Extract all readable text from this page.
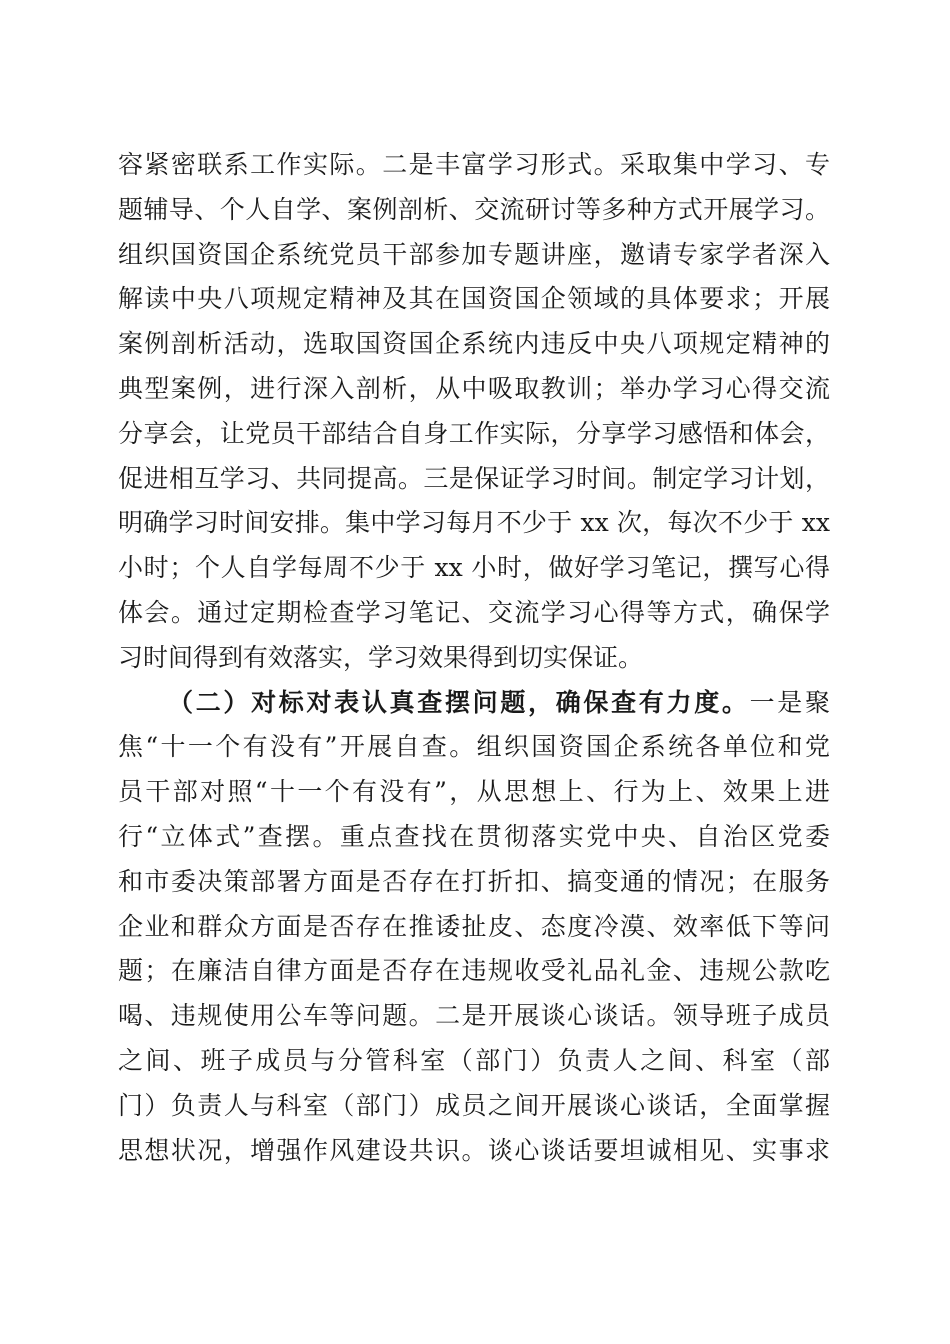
容紧密联系工作实际。二是丰富学习形式。采取集中学习、专
题辅导、个人自学、案例剖析、交流研讨等多种方式开展学习。
组织国资国企系统党员干部参加专题讲座，邀请专家学者深入
解读中央八项规定精神及其在国资国企领域的具体要求；开展
案例剖析活动，选取国资国企系统内违反中央八项规定精神的
典型案例，进行深入剖析，从中吸取教训；举办学习心得交流
分享会，让党员干部结合自身工作实际，分享学习感悟和体会，
促进相互学习、共同提高。三是保证学习时间。制定学习计划，
明确学习时间安排。集中学习每月不少于 xx 次，每次不少于 xx
小时；个人自学每周不少于 xx 小时，做好学习笔记，撰写心得
体会。通过定期检查学习笔记、交流学习心得等方式，确保学
习时间得到有效落实，学习效果得到切实保证。
（二）对标对表认真查摆问题，确保查有力度。一是聚
焦“十一个有没有”开展自查。组织国资国企系统各单位和党
员干部对照“十一个有没有”，从思想上、行为上、效果上进
行“立体式”查摆。重点查找在贯彻落实党中央、自治区党委
和市委决策部署方面是否存在打折扣、搞变通的情况；在服务
企业和群众方面是否存在推诿扯皮、态度冷漠、效率低下等问
题；在廉洁自律方面是否存在违规收受礼品礼金、违规公款吃
喝、违规使用公车等问题。二是开展谈心谈话。领导班子成员
之间、班子成员与分管科室（部门）负责人之间、科室（部
门）负责人与科室（部门）成员之间开展谈心谈话，全面掌握
思想状况，增强作风建设共识。谈心谈话要坦诚相见、实事求
